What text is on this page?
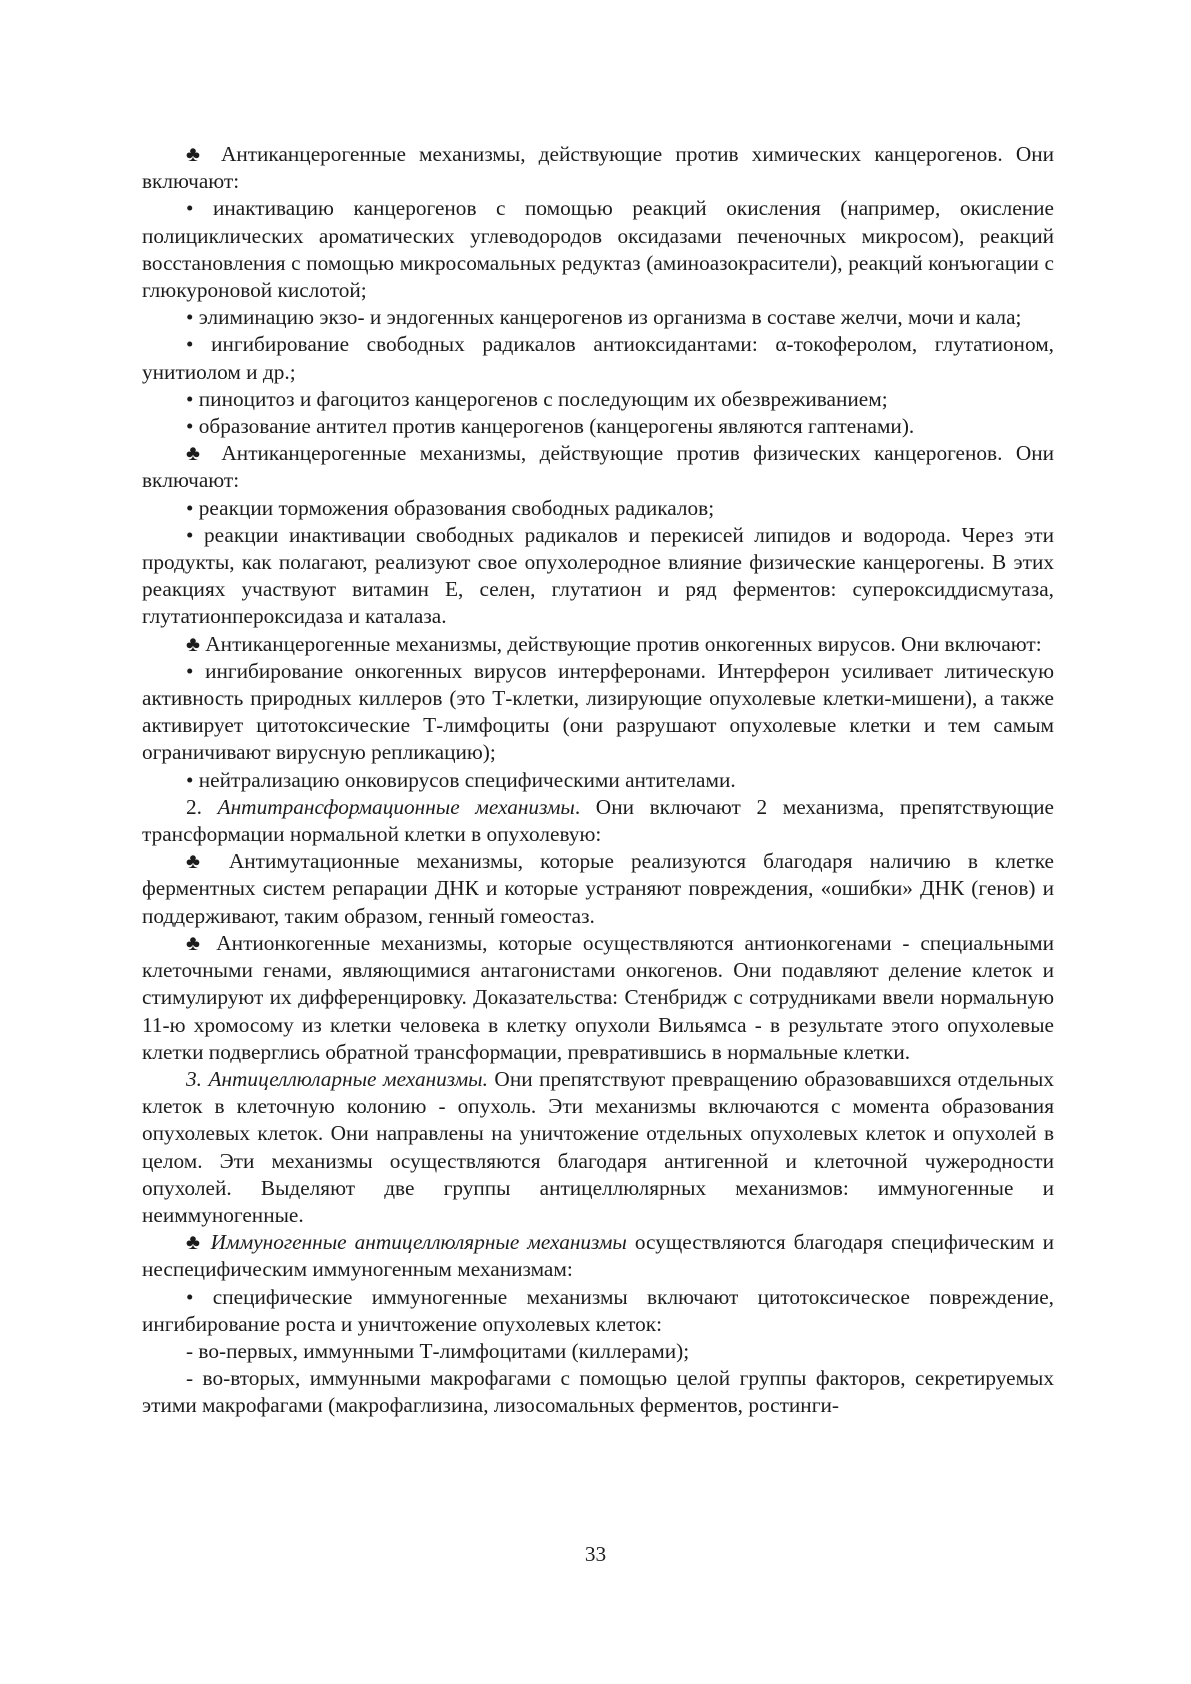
♣ Антиканцерогенные механизмы, действующие против химических канцерогенов. Они включают:

• инактивацию канцерогенов с помощью реакций окисления (например, окисление полициклических ароматических углеводородов оксидазами печеночных микросом), реакций восстановления с помощью микросомальных редуктаз (аминоазокрасители), реакций конъюгации с глюкуроновой кислотой;

• элиминацию экзо- и эндогенных канцерогенов из организма в составе желчи, мочи и кала;

• ингибирование свободных радикалов антиоксидантами: α-токоферолом, глутатионом, унитиолом и др.;

• пиноцитоз и фагоцитоз канцерогенов с последующим их обезвреживанием;

• образование антител против канцерогенов (канцерогены являются гаптенами).

♣ Антиканцерогенные механизмы, действующие против физических канцерогенов. Они включают:

• реакции торможения образования свободных радикалов;

• реакции инактивации свободных радикалов и перекисей липидов и водорода. Через эти продукты, как полагают, реализуют свое опухолеродное влияние физические канцерогены. В этих реакциях участвуют витамин Е, селен, глутатион и ряд ферментов: супероксиддисмутаза, глутатионпероксидаза и каталаза.

♣ Антиканцерогенные механизмы, действующие против онкогенных вирусов. Они включают:

• ингибирование онкогенных вирусов интерферонами. Интерферон усиливает литическую активность природных киллеров (это Т-клетки, лизирующие опухолевые клетки-мишени), а также активирует цитотоксические Т-лимфоциты (они разрушают опухолевые клетки и тем самым ограничивают вирусную репликацию);

• нейтрализацию онковирусов специфическими антителами.

2. Антитрансформационные механизмы. Они включают 2 механизма, препятствующие трансформации нормальной клетки в опухолевую:

♣ Антимутационные механизмы, которые реализуются благодаря наличию в клетке ферментных систем репарации ДНК и которые устраняют повреждения, «ошибки» ДНК (генов) и поддерживают, таким образом, генный гомеостаз.

♣ Антионкогенные механизмы, которые осуществляются антионкогенами - специальными клеточными генами, являющимися антагонистами онкогенов. Они подавляют деление клеток и стимулируют их дифференцировку. Доказательства: Стенбридж с сотрудниками ввели нормальную 11-ю хромосому из клетки человека в клетку опухоли Вильямса - в результате этого опухолевые клетки подверглись обратной трансформации, превратившись в нормальные клетки.

3. Антицеллюларные механизмы. Они препятствуют превращению образовавшихся отдельных клеток в клеточную колонию - опухоль. Эти механизмы включаются с момента образования опухолевых клеток. Они направлены на уничтожение отдельных опухолевых клеток и опухолей в целом. Эти механизмы осуществляются благодаря антигенной и клеточной чужеродности опухолей. Выделяют две группы антицеллюлярных механизмов: иммуногенные и неиммуногенные.

♣ Иммуногенные антицеллюлярные механизмы осуществляются благодаря специфическим и неспецифическим иммуногенным механизмам:

• специфические иммуногенные механизмы включают цитотоксическое повреждение, ингибирование роста и уничтожение опухолевых клеток:

- во-первых, иммунными Т-лимфоцитами (киллерами);

- во-вторых, иммунными макрофагами с помощью целой группы факторов, секретируемых этими макрофагами (макрофаглизина, лизосомальных ферментов, ростинги-

33
